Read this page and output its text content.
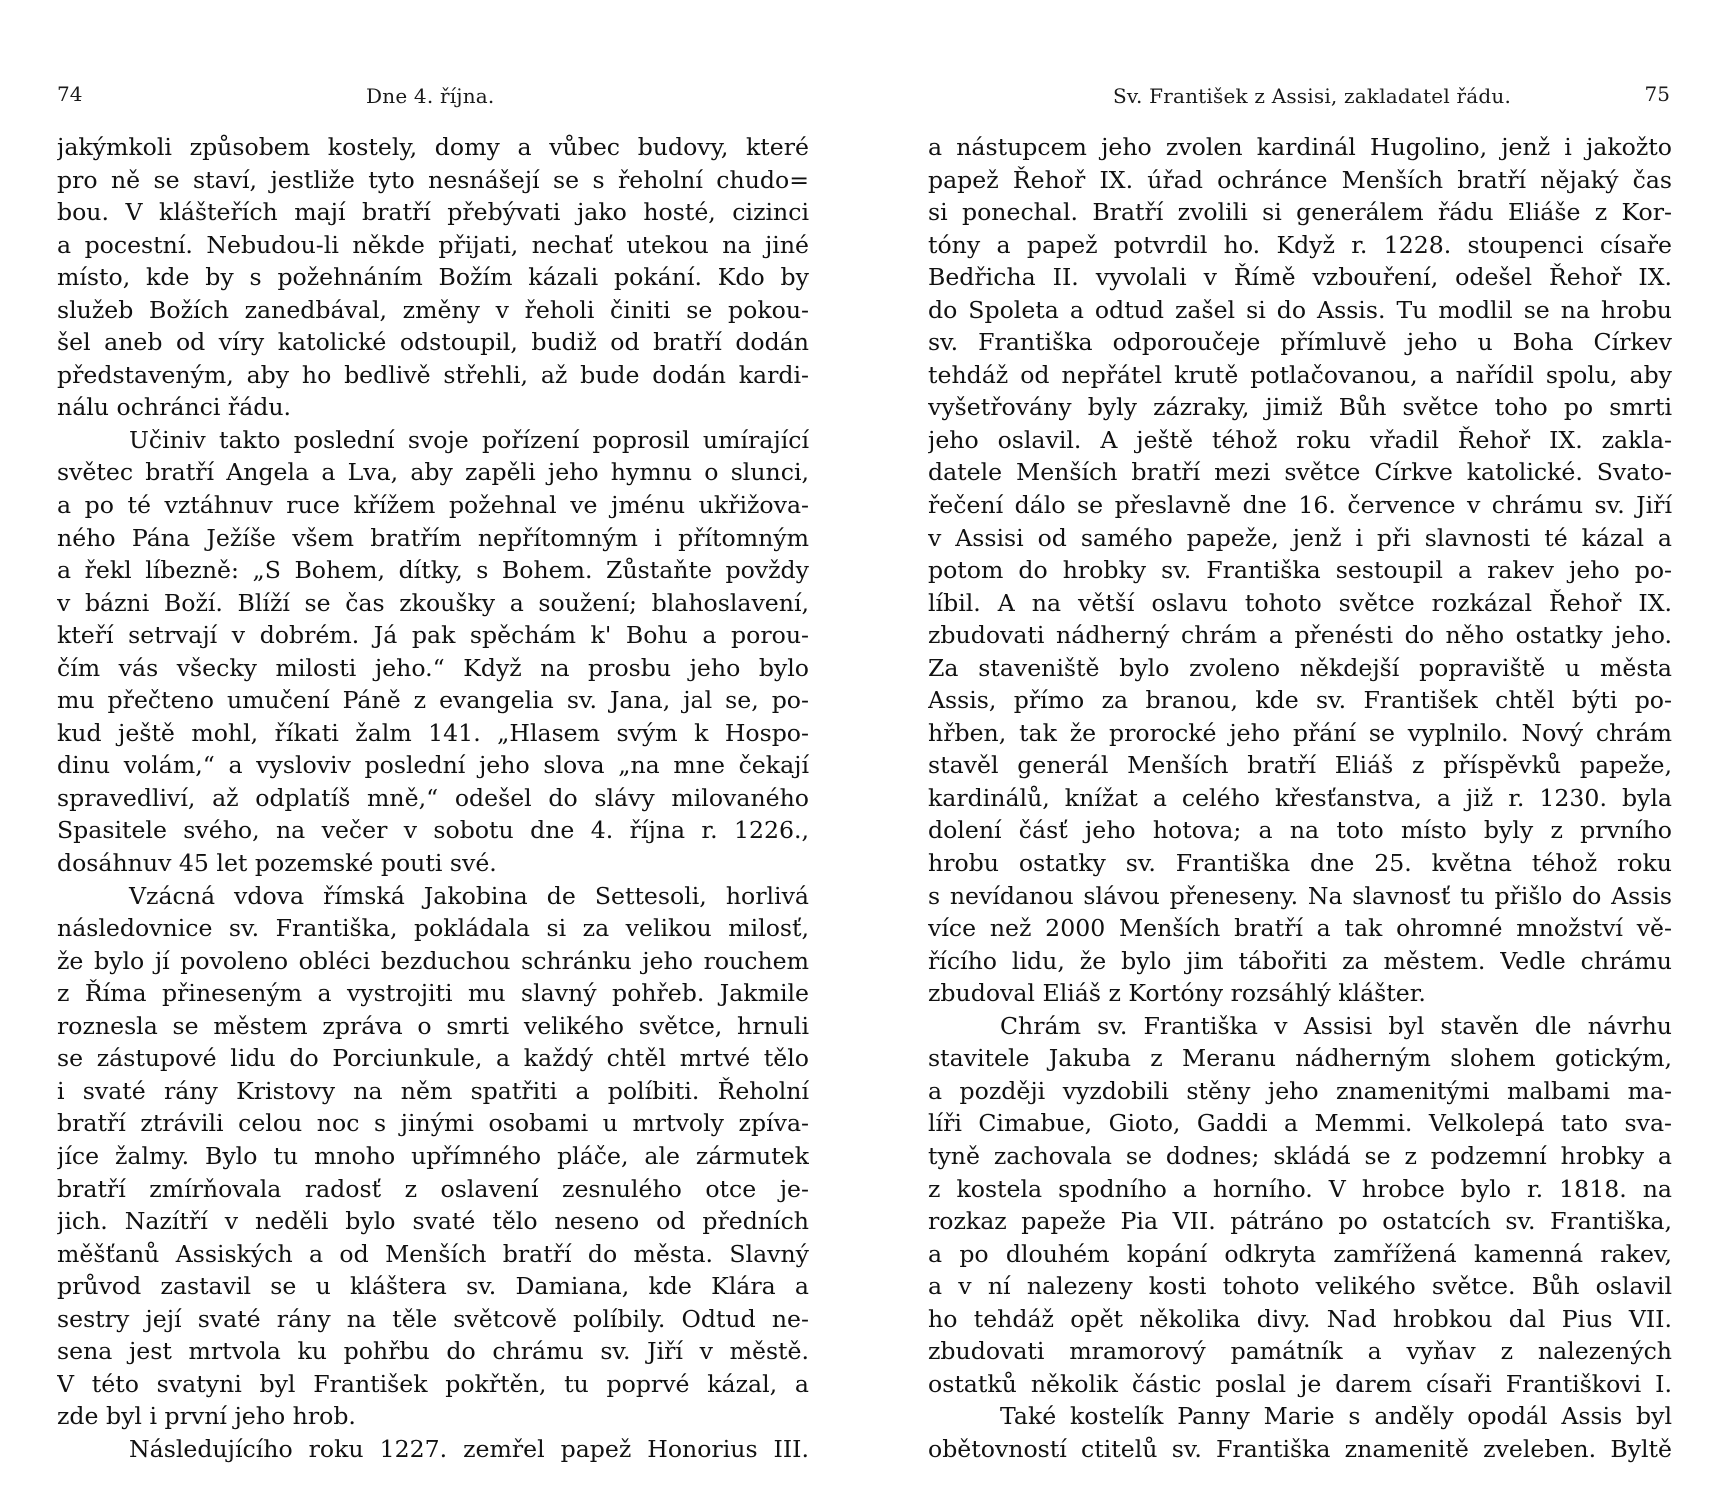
74	Dne 4. října.
jakýmkoli způsobem kostely, domy a vůbec budovy, které
pro ně se staví, jestliže tyto nesnášejí se s řeholní chudo=
bou. V klášteřích mají bratří přebývati jako hosté, cizinci
a pocestní. Nebudou-li někde přijati, nechať utekou na jiné
místo, kde by s požehnáním Božím kázali pokání. Kdo by
služeb Božích zanedbával, změny v řeholi činiti se pokou-
šel aneb od víry katolické odstoupil, budiž od bratří dodán
představeným, aby ho bedlivě střehli, až bude dodán kardi-
nálu ochránci řádu.
Učiniv takto poslední svoje pořízení poprosil umírající
světec bratří Angela a Lva, aby zapěli jeho hymnu o slunci,
a po té vztáhnuv ruce křížem požehnal ve jménu ukřižova-
ného Pána Ježíše všem bratřím nepřítomným i přítomným
a řekl líbezně: „S Bohem, dítky, s Bohem. Zůstaňte povždy
v bázni Boží. Blíží se čas zkoušky a soužení; blahoslavení,
kteří setrvají v dobrém. Já pak spěchám k' Bohu a porou-
čím vás všecky milosti jeho.“ Když na prosbu jeho bylo
mu přečteno umučení Páně z evangelia sv. Jana, jal se, po-
kud ještě mohl, říkati žalm 141. „Hlasem svým k Hospo-
dinu volám,“ a vysloviv poslední jeho slova „na mne čekají
spravedliví, až odplatíš mně,“ odešel do slávy milovaného
Spasitele svého, na večer v sobotu dne 4. října r. 1226.,
dosáhnuv 45 let pozemské pouti své.
Vzácná vdova římská Jakobina de Settesoli, horlivá
následovnice sv. Františka, pokládala si za velikou milosť,
že bylo jí povoleno obléci bezduchou schránku jeho rouchem
z Říma přineseným a vystrojiti mu slavný pohřeb. Jakmile
roznesla se městem zpráva o smrti velikého světce, hrnuli
se zástupové lidu do Porciunkule, a každý chtěl mrtvé tělo
i svaté rány Kristovy na něm spatřiti a políbiti. Řeholní
bratří ztrávili celou noc s jinými osobami u mrtvoly zpíva-
jíce žalmy. Bylo tu mnoho upřímného pláče, ale zármutek
bratří zmírňovala radosť z oslavení zesnulého otce je-
jich. Nazítří v neděli bylo svaté tělo neseno od předních
měšťanů Assiských a od Menších bratří do města. Slavný
průvod zastavil se u kláštera sv. Damiana, kde Klára a
sestry její svaté rány na těle světcově políbily. Odtud ne-
sena jest mrtvola ku pohřbu do chrámu sv. Jiří v městě.
V této svatyni byl František pokřtěn, tu poprvé kázal, a
zde byl i první jeho hrob.
Následujícího roku 1227. zemřel papež Honorius III.
Sv. František z Assisi, zakladatel řádu.	75
a nástupcem jeho zvolen kardinál Hugolino, jenž i jakožto
papež Řehoř IX. úřad ochránce Menších bratří nějaký čas
si ponechal. Bratří zvolili si generálem řádu Eliáše z Kor-
tóny a papež potvrdil ho. Když r. 1228. stoupenci císaře
Bedřicha II. vyvolali v Římě vzbouření, odešel Řehoř IX.
do Spoleta a odtud zašel si do Assis. Tu modlil se na hrobu
sv. Františka odporoučeje přímluvě jeho u Boha Církev
tehdáž od nepřátel krutě potlačovanou, a nařídil spolu, aby
vyšetřovány byly zázraky, jimiž Bůh světce toho po smrti
jeho oslavil. A ještě téhož roku vřadil Řehoř IX. zakla-
datele Menších bratří mezi světce Církve katolické. Svato-
řečení dálo se přeslavně dne 16. července v chrámu sv. Jiří
v Assisi od samého papeže, jenž i při slavnosti té kázal a
potom do hrobky sv. Františka sestoupil a rakev jeho po-
líbil. A na větší oslavu tohoto světce rozkázal Řehoř IX.
zbudovati nádherný chrám a přenésti do něho ostatky jeho.
Za staveniště bylo zvoleno někdejší popraviště u města
Assis, přímo za branou, kde sv. František chtěl býti po-
hřben, tak že prorocké jeho přání se vyplnilo. Nový chrám
stavěl generál Menších bratří Eliáš z příspěvků papeže,
kardinálů, knížat a celého křesťanstva, a již r. 1230. byla
dolení čásť jeho hotova; a na toto místo byly z prvního
hrobu ostatky sv. Františka dne 25. května téhož roku
s nevídanou slávou přeneseny. Na slavnosť tu přišlo do Assis
více než 2000 Menších bratří a tak ohromné množství vě-
řícího lidu, že bylo jim tábořiti za městem. Vedle chrámu
zbudoval Eliáš z Kortóny rozsáhlý klášter.
Chrám sv. Františka v Assisi byl stavěn dle návrhu
stavitele Jakuba z Meranu nádherným slohem gotickým,
a později vyzdobili stěny jeho znamenitými malbami ma-
líři Cimabue, Gioto, Gaddi a Memmi. Velkolepá tato sva-
tyně zachovala se dodnes; skládá se z podzemní hrobky a
z kostela spodního a horního. V hrobce bylo r. 1818. na
rozkaz papeže Pia VII. pátráno po ostatcích sv. Františka,
a po dlouhém kopání odkryta zamřížená kamenná rakev,
a v ní nalezeny kosti tohoto velikého světce. Bůh oslavil
ho tehdáž opět několika divy. Nad hrobkou dal Pius VII.
zbudovati mramorový památník a vyňav z nalezených
ostatků několik částic poslal je darem císaři Františkovi I.
Také kostelík Panny Marie s anděly opodál Assis byl
obětovností ctitelů sv. Františka znamenitě zveleben. Byltě
